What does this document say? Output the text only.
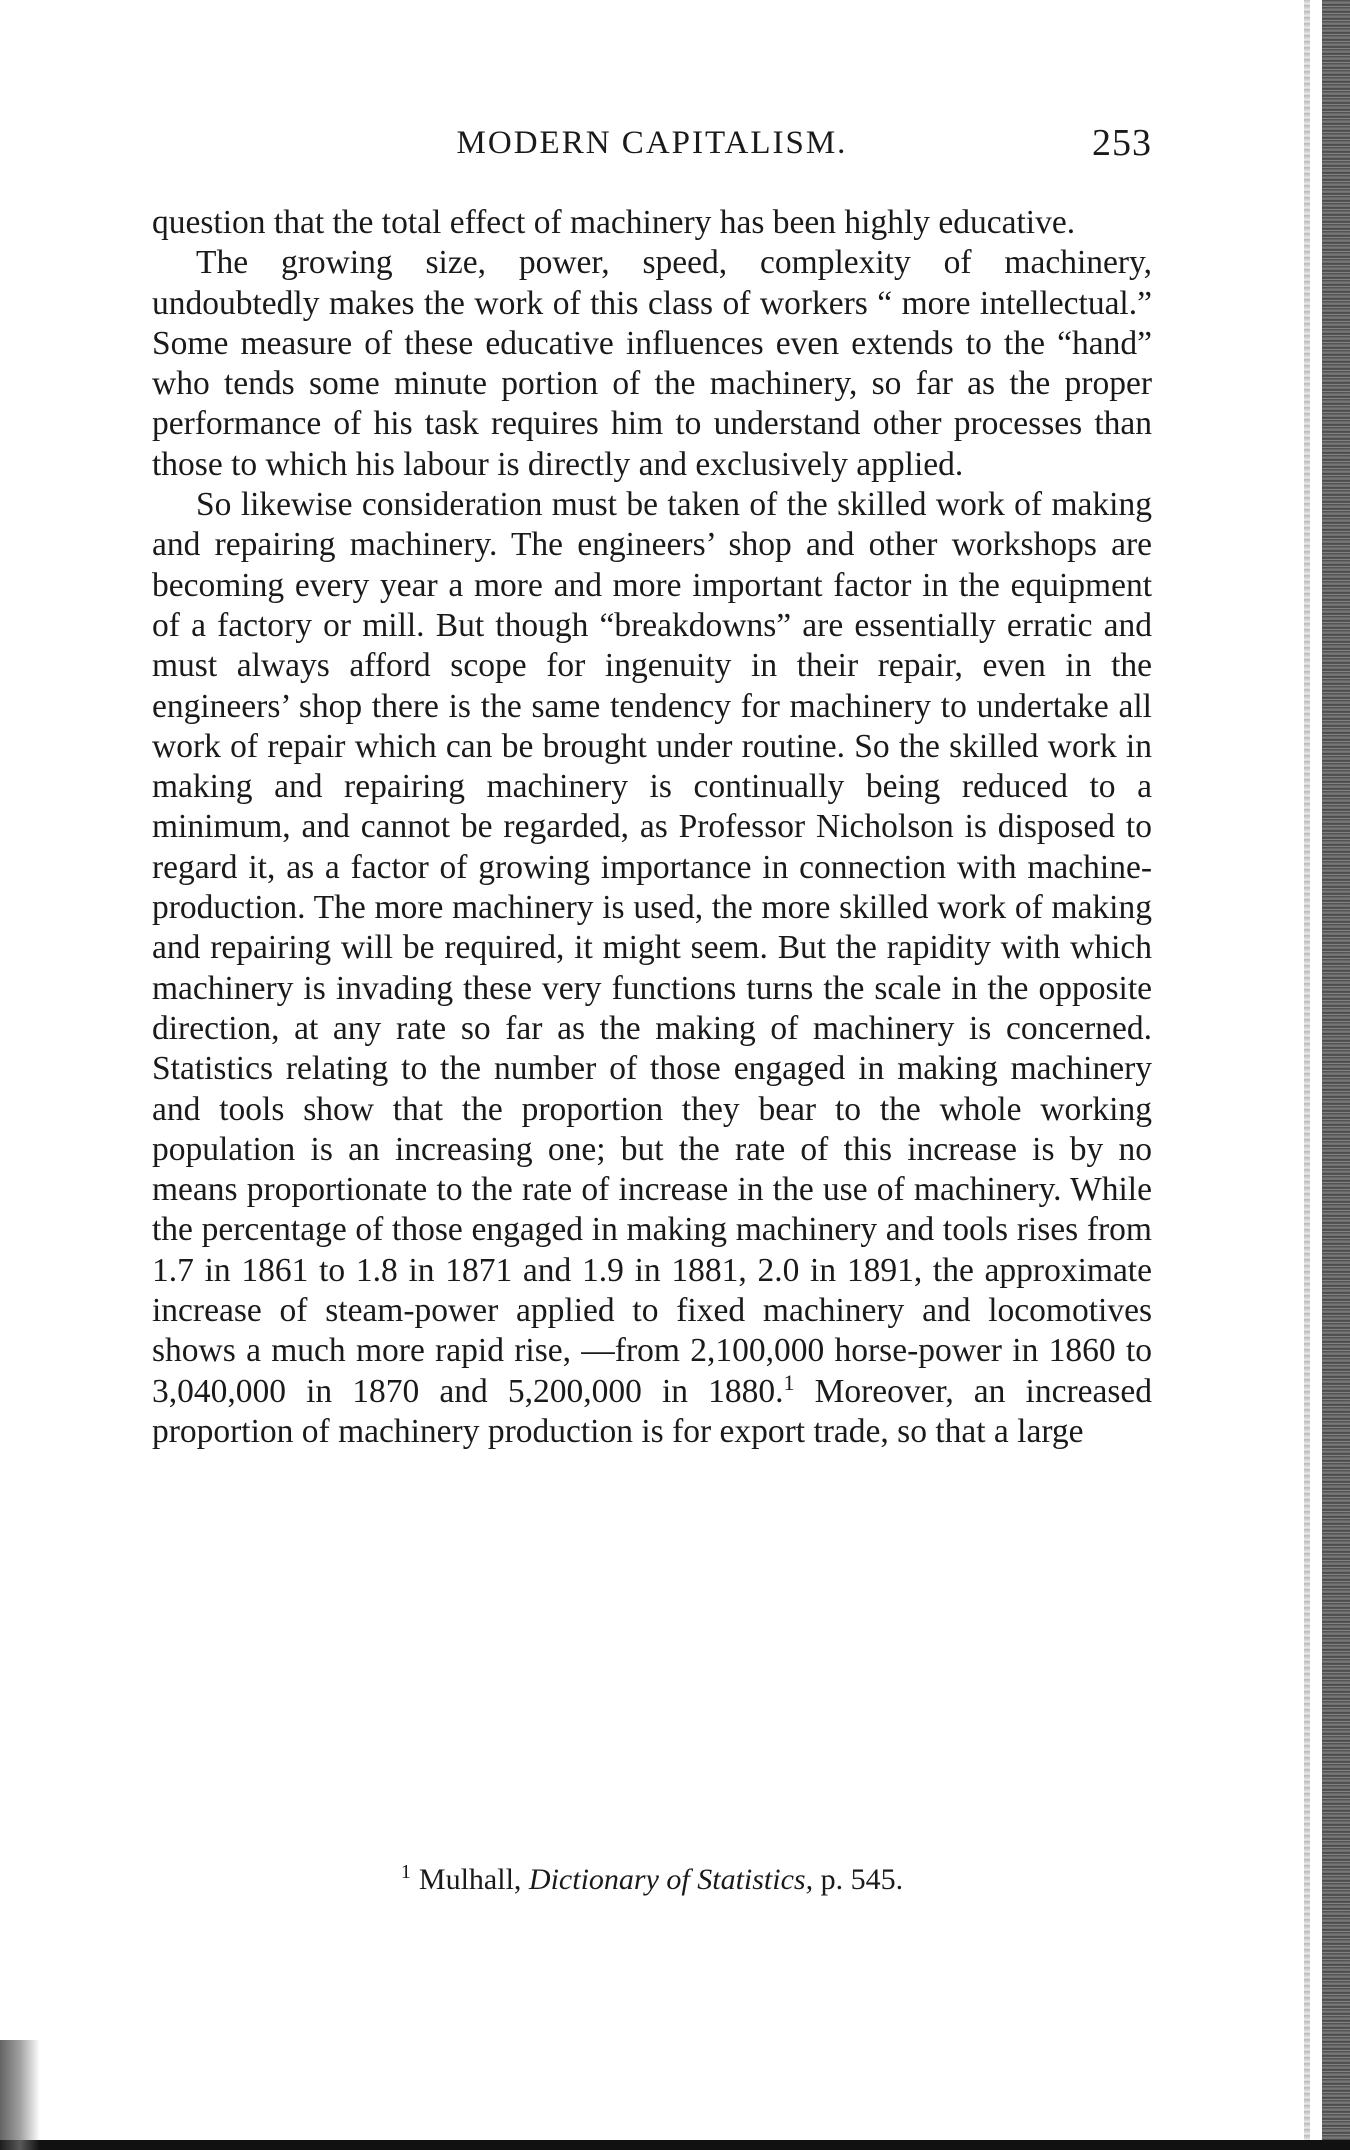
MODERN CAPITALISM.	253

question that the total effect of machinery has been highly educative.

The growing size, power, speed, complexity of machinery, undoubtedly makes the work of this class of workers “ more intellectual.” Some measure of these educative influences even extends to the “hand” who tends some minute portion of the machinery, so far as the proper performance of his task requires him to understand other processes than those to which his labour is directly and exclusively applied.

So likewise consideration must be taken of the skilled work of making and repairing machinery. The engineers’ shop and other workshops are becoming every year a more and more important factor in the equipment of a factory or mill. But though “breakdowns” are essentially erratic and must always afford scope for ingenuity in their repair, even in the engineers’ shop there is the same tendency for machinery to undertake all work of repair which can be brought under routine. So the skilled work in making and repairing machinery is continually being reduced to a minimum, and cannot be regarded, as Professor Nicholson is disposed to regard it, as a factor of growing importance in connection with machine-production. The more machinery is used, the more skilled work of making and repairing will be required, it might seem. But the rapidity with which machinery is invading these very functions turns the scale in the opposite direction, at any rate so far as the making of machinery is concerned. Statistics relating to the number of those engaged in making machinery and tools show that the proportion they bear to the whole working population is an increasing one; but the rate of this increase is by no means proportionate to the rate of increase in the use of machinery. While the percentage of those engaged in making machinery and tools rises from 1.7 in 1861 to 1.8 in 1871 and 1.9 in 1881, 2.0 in 1891, the approximate increase of steam-power applied to fixed machinery and locomotives shows a much more rapid rise, —from 2,100,000 horse-power in 1860 to 3,040,000 in 1870 and 5,200,000 in 1880.$^1$ Moreover, an increased proportion of machinery production is for export trade, so that a large

$^1$ Mulhall, Dictionary of Statistics, p. 545.
